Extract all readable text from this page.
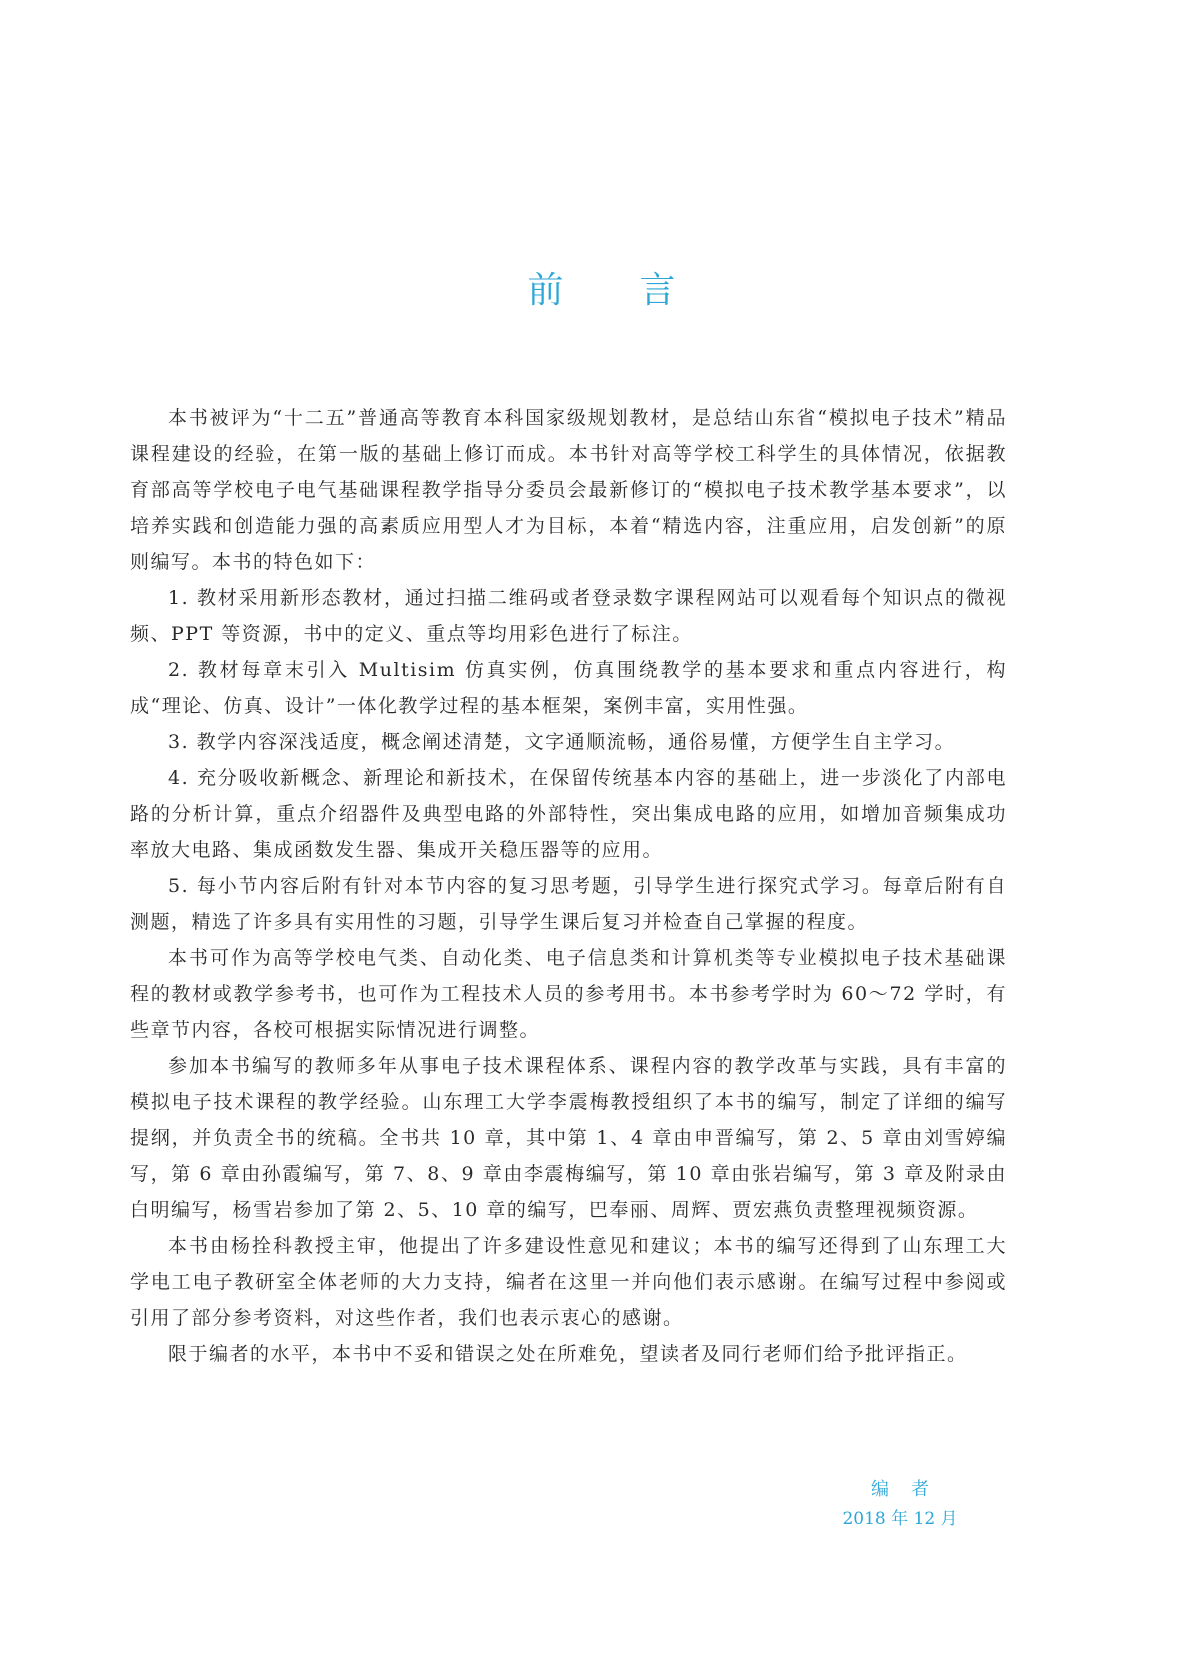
前言

本书被评为“十二五”普通高等教育本科国家级规划教材，是总结山东省“模拟电子技术”精品课程建设的经验，在第一版的基础上修订而成。本书针对高等学校工科学生的具体情况，依据教育部高等学校电子电气基础课程教学指导分委员会最新修订的“模拟电子技术教学基本要求”，以培养实践和创造能力强的高素质应用型人才为目标，本着“精选内容，注重应用，启发创新”的原则编写。本书的特色如下：

1. 教材采用新形态教材，通过扫描二维码或者登录数字课程网站可以观看每个知识点的微视频、PPT 等资源，书中的定义、重点等均用彩色进行了标注。

2. 教材每章末引入 Multisim 仿真实例，仿真围绕教学的基本要求和重点内容进行，构成“理论、仿真、设计”一体化教学过程的基本框架，案例丰富，实用性强。

3. 教学内容深浅适度，概念阐述清楚，文字通顺流畅，通俗易懂，方便学生自主学习。

4. 充分吸收新概念、新理论和新技术，在保留传统基本内容的基础上，进一步淡化了内部电路的分析计算，重点介绍器件及典型电路的外部特性，突出集成电路的应用，如增加音频集成功率放大电路、集成函数发生器、集成开关稳压器等的应用。

5. 每小节内容后附有针对本节内容的复习思考题，引导学生进行探究式学习。每章后附有自测题，精选了许多具有实用性的习题，引导学生课后复习并检查自己掌握的程度。

本书可作为高等学校电气类、自动化类、电子信息类和计算机类等专业模拟电子技术基础课程的教材或教学参考书，也可作为工程技术人员的参考用书。本书参考学时为 60～72 学时，有些章节内容，各校可根据实际情况进行调整。

参加本书编写的教师多年从事电子技术课程体系、课程内容的教学改革与实践，具有丰富的模拟电子技术课程的教学经验。山东理工大学李震梅教授组织了本书的编写，制定了详细的编写提纲，并负责全书的统稿。全书共 10 章，其中第 1、4 章由申晋编写，第 2、5 章由刘雪婷编写，第 6 章由孙霞编写，第 7、8、9 章由李震梅编写，第 10 章由张岩编写，第 3 章及附录由白明编写，杨雪岩参加了第 2、5、10 章的编写，巴奉丽、周辉、贾宏燕负责整理视频资源。

本书由杨拴科教授主审，他提出了许多建设性意见和建议；本书的编写还得到了山东理工大学电工电子教研室全体老师的大力支持，编者在这里一并向他们表示感谢。在编写过程中参阅或引用了部分参考资料，对这些作者，我们也表示衷心的感谢。

限于编者的水平，本书中不妥和错误之处在所难免，望读者及同行老师们给予批评指正。

编者
2018 年 12 月
